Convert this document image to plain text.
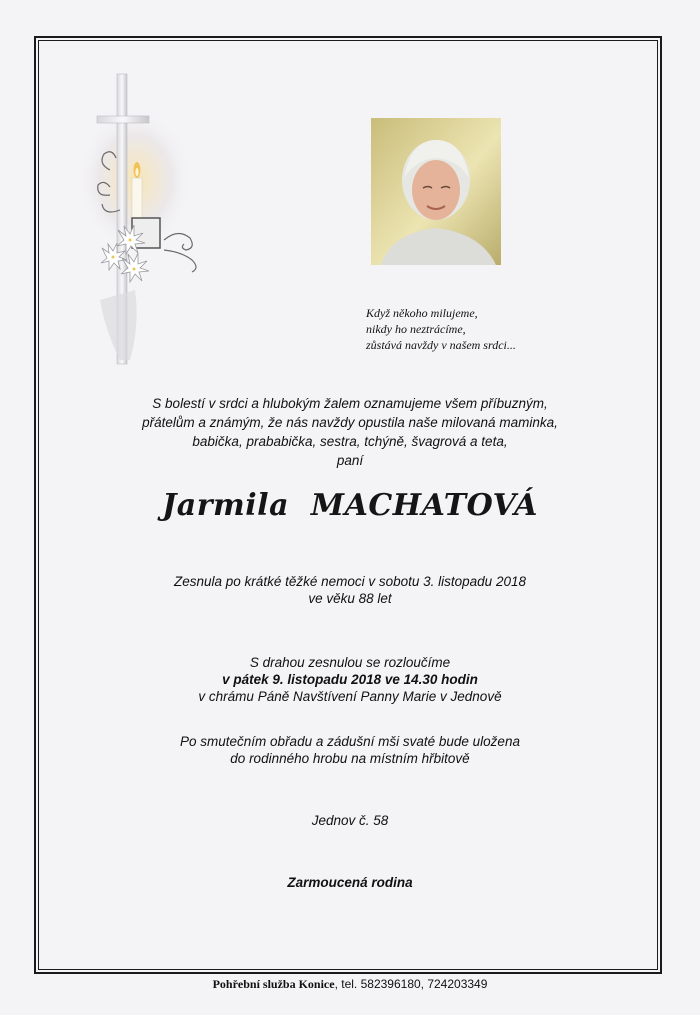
Když někoho milujeme,
nikdy ho neztrácíme,
zůstává navždy v našem srdci...
S bolestí v srdci a hlubokým žalem oznamujeme všem příbuzným,
přátelům a známým, že nás navždy opustila naše milovaná maminka,
babička, prababička, sestra, tchýně, švagrová a teta,
paní
Jarmila MACHATOVÁ
Zesnula po krátké těžké nemoci v sobotu 3. listopadu 2018
ve věku 88 let
S drahou zesnulou se rozloučíme
v pátek 9. listopadu 2018 ve 14.30 hodin
v chrámu Páně Navštívení Panny Marie v Jednově
Po smutečním obřadu a zádušní mši svaté bude uložena
do rodinného hrobu na místním hřbitově
Jednov č. 58
Zarmoucená rodina
Pohřební služba Konice, tel. 582396180, 724203349
